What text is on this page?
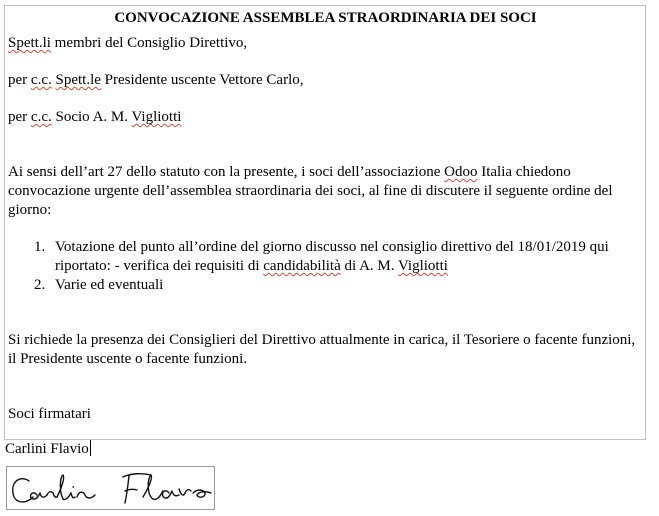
CONVOCAZIONE ASSEMBLEA STRAORDINARIA DEI SOCI

Spett.li membri del Consiglio Direttivo,

per c.c. Spett.le Presidente uscente Vettore Carlo,

per c.c. Socio A. M. Vigliotti

Ai sensi dell’art 27 dello statuto con la presente, i soci dell’associazione Odoo Italia chiedono convocazione urgente dell’assemblea straordinaria dei soci, al fine di discutere il seguente ordine del giorno:

1. Votazione del punto all’ordine del giorno discusso nel consiglio direttivo del 18/01/2019 qui riportato: - verifica dei requisiti di candidabilità di A. M. Vigliotti
2. Varie ed eventuali

Si richiede la presenza dei Consiglieri del Direttivo attualmente in carica, il Tesoriere o facente funzioni, il Presidente uscente o facente funzioni.

Soci firmatari

Carlini Flavio
